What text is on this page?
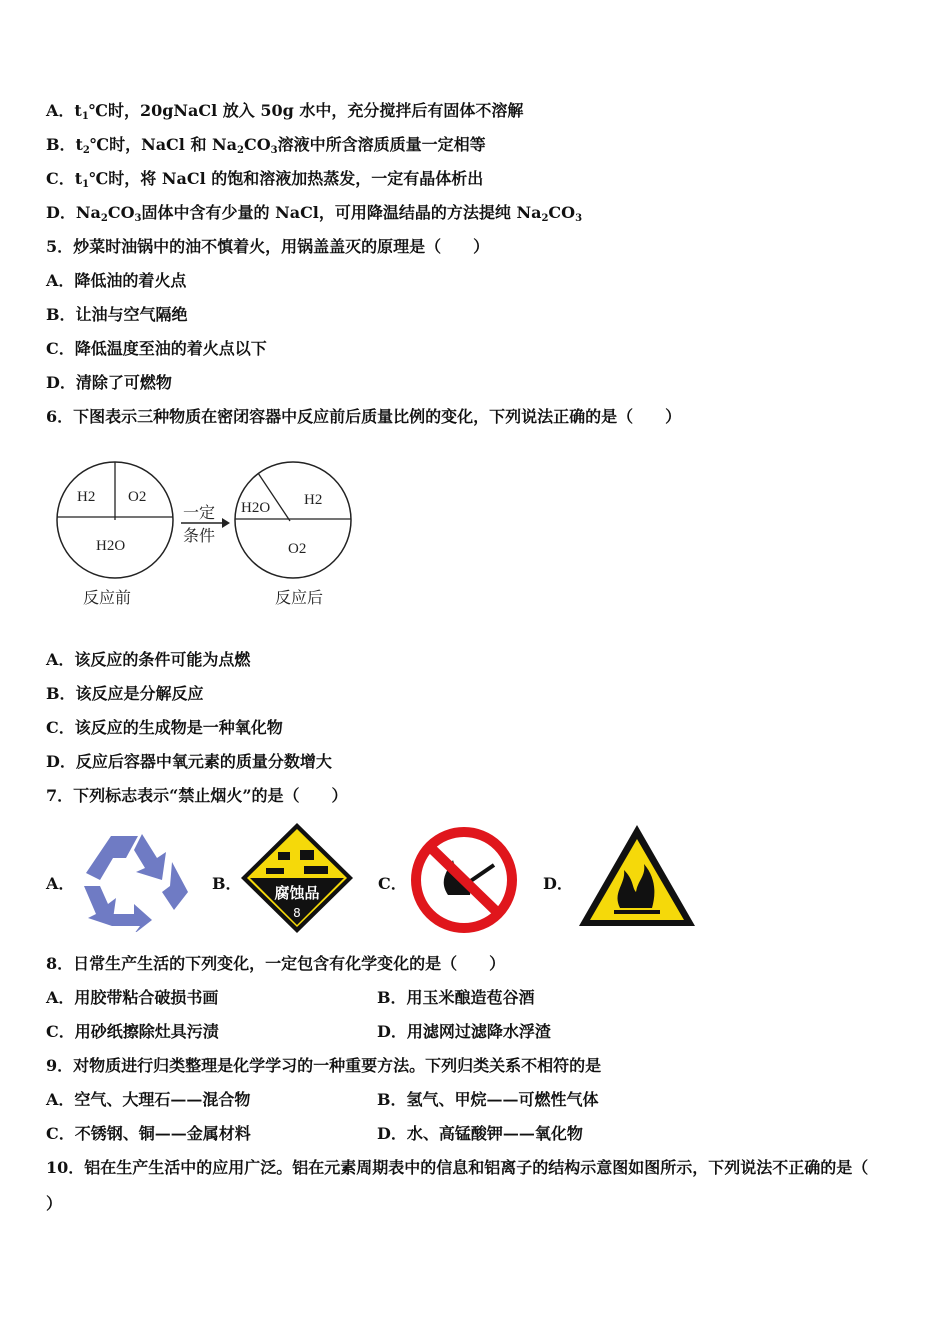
A．$t_1℃$时，20gNaCl 放入 50g 水中，充分搅拌后有固体不溶解
B．$t_2℃$时，NaCl 和 $Na_2CO_3$溶液中所含溶质质量一定相等
C．$t_1℃$时，将 NaCl 的饱和溶液加热蒸发，一定有晶体析出
D．$Na_2CO_3$固体中含有少量的 NaCl，可用降温结晶的方法提纯 $Na_2CO_3$
5．炒菜时油锅中的油不慎着火，用锅盖盖灭的原理是（　　）
A．降低油的着火点
B．让油与空气隔绝
C．降低温度至油的着火点以下
D．清除了可燃物
6．下图表示三种物质在密闭容器中反应前后质量比例的变化，下列说法正确的是（　　）
H2 O2
H2O
一定
条件
H2O H2
O2
反应前	反应后
A．该反应的条件可能为点燃
B．该反应是分解反应
C．该反应的生成物是一种氧化物
D．反应后容器中氧元素的质量分数增大
7．下列标志表示“禁止烟火”的是（　　）
A．	B． 腐蚀品
8
C．	D．
8．日常生产生活的下列变化，一定包含有化学变化的是（　　）
A．用胶带粘合破损书画	B．用玉米酿造苞谷酒
C．用砂纸擦除灶具污渍	D．用滤网过滤降水浮渣
9．对物质进行归类整理是化学学习的一种重要方法。下列归类关系不相符的是
A．空气、大理石——混合物	B．氢气、甲烷——可燃性气体
C．不锈钢、铜——金属材料	D．水、高锰酸钾——氧化物
10．铝在生产生活中的应用广泛。铝在元素周期表中的信息和铝离子的结构示意图如图所示，下列说法不正确的是（
）
